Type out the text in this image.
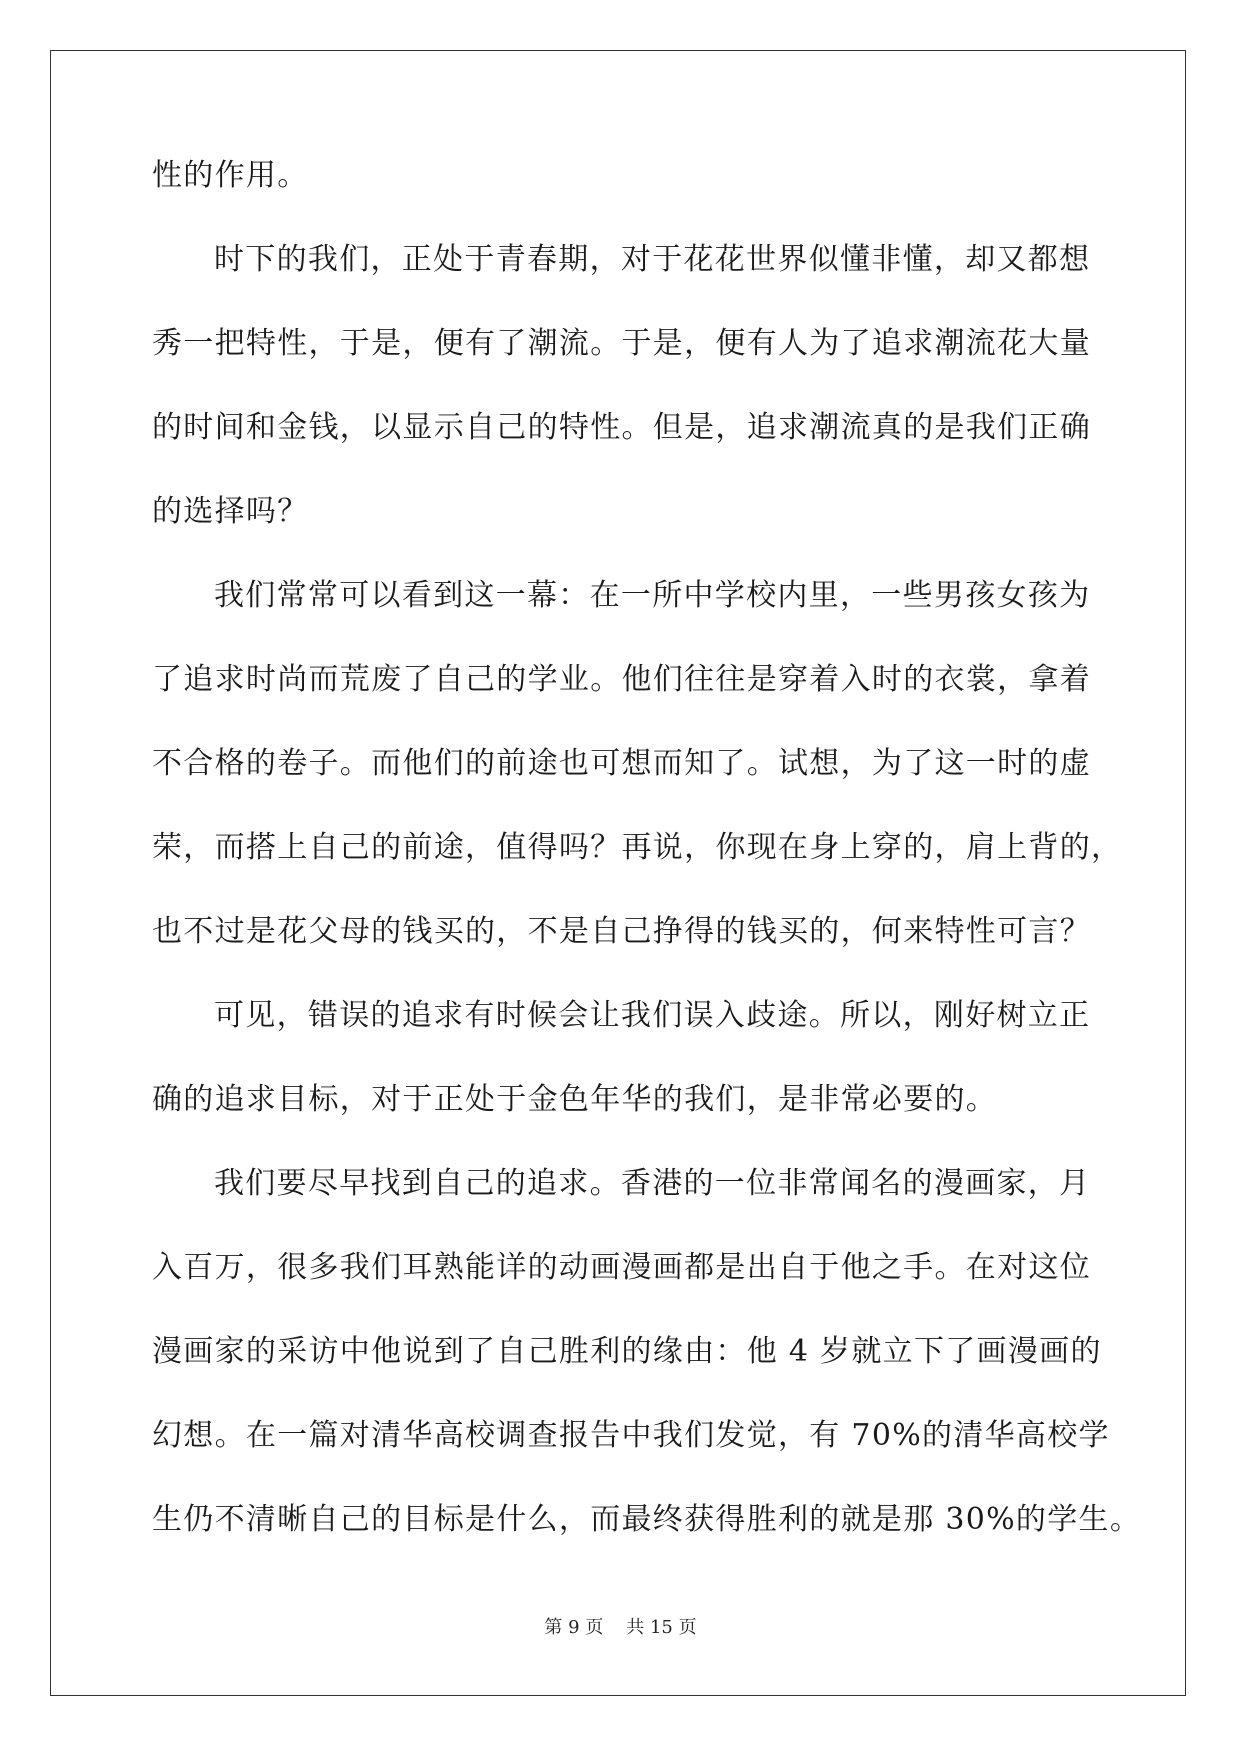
性的作用。
时下的我们，正处于青春期，对于花花世界似懂非懂，却又都想
秀一把特性，于是，便有了潮流。于是，便有人为了追求潮流花大量
的时间和金钱，以显示自己的特性。但是，追求潮流真的是我们正确
的选择吗？
我们常常可以看到这一幕：在一所中学校内里，一些男孩女孩为
了追求时尚而荒废了自己的学业。他们往往是穿着入时的衣裳，拿着
不合格的卷子。而他们的前途也可想而知了。试想，为了这一时的虚
荣，而搭上自己的前途，值得吗？再说，你现在身上穿的，肩上背的，
也不过是花父母的钱买的，不是自己挣得的钱买的，何来特性可言？
可见，错误的追求有时候会让我们误入歧途。所以，刚好树立正
确的追求目标，对于正处于金色年华的我们，是非常必要的。
我们要尽早找到自己的追求。香港的一位非常闻名的漫画家，月
入百万，很多我们耳熟能详的动画漫画都是出自于他之手。在对这位
漫画家的采访中他说到了自己胜利的缘由：他 4 岁就立下了画漫画的
幻想。在一篇对清华高校调查报告中我们发觉，有 70%的清华高校学
生仍不清晰自己的目标是什么，而最终获得胜利的就是那 30%的学生。
第 9 页 共 15 页
